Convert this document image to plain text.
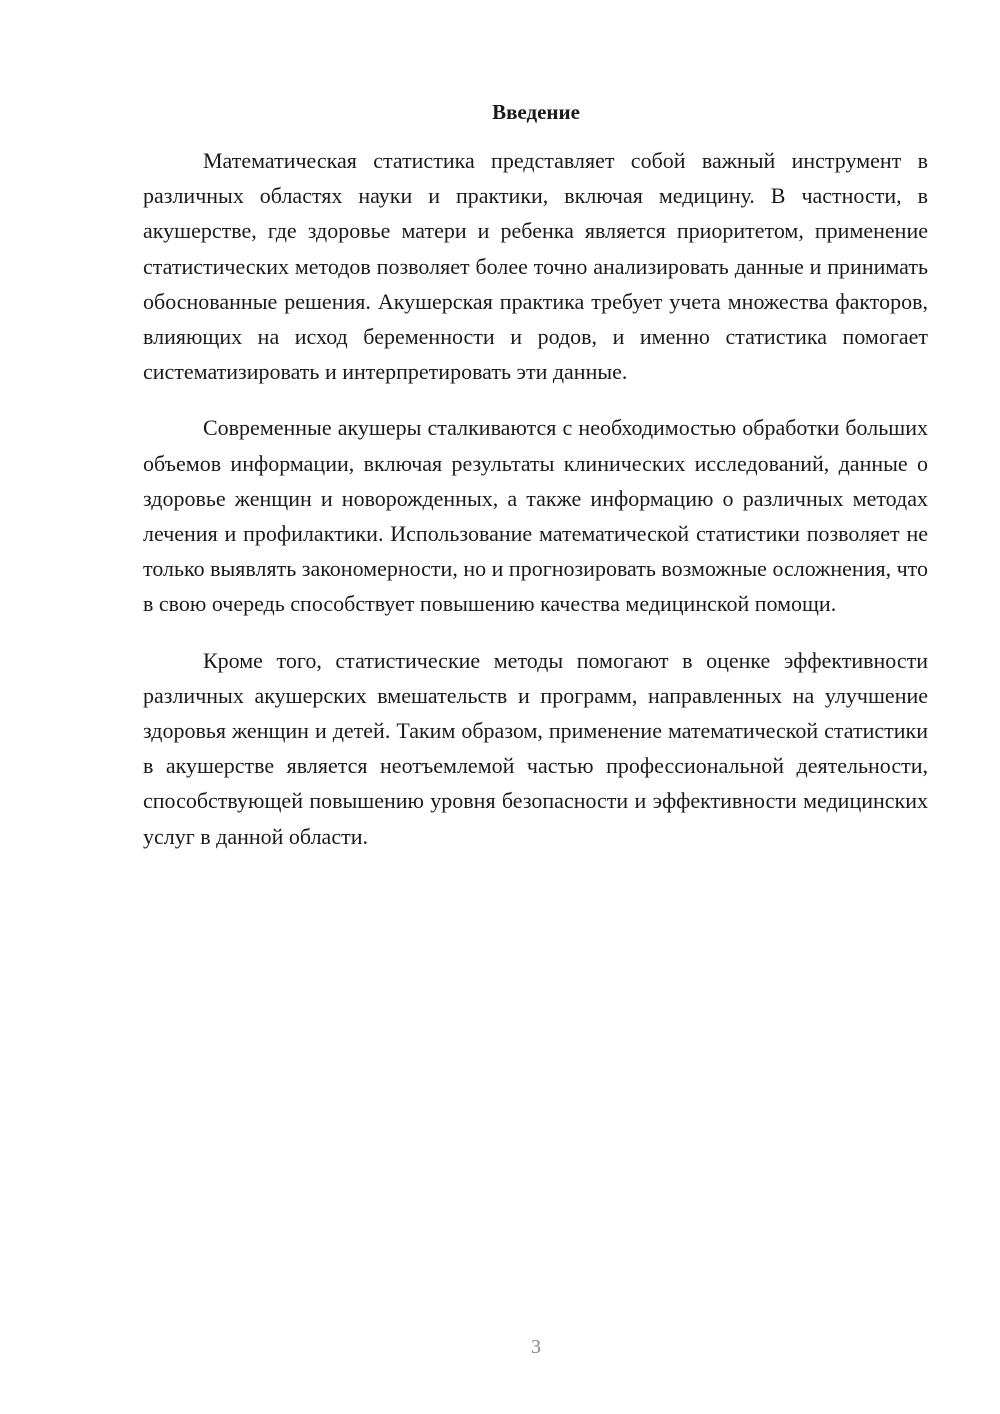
Введение

Математическая статистика представляет собой важный инструмент в различных областях науки и практики, включая медицину. В частности, в акушерстве, где здоровье матери и ребенка является приоритетом, применение статистических методов позволяет более точно анализировать данные и принимать обоснованные решения. Акушерская практика требует учета множества факторов, влияющих на исход беременности и родов, и именно статистика помогает систематизировать и интерпретировать эти данные.

Современные акушеры сталкиваются с необходимостью обработки больших объемов информации, включая результаты клинических исследований, данные о здоровье женщин и новорожденных, а также информацию о различных методах лечения и профилактики. Использование математической статистики позволяет не только выявлять закономерности, но и прогнозировать возможные осложнения, что в свою очередь способствует повышению качества медицинской помощи.

Кроме того, статистические методы помогают в оценке эффективности различных акушерских вмешательств и программ, направленных на улучшение здоровья женщин и детей. Таким образом, применение математической статистики в акушерстве является неотъемлемой частью профессиональной деятельности, способствующей повышению уровня безопасности и эффективности медицинских услуг в данной области.

3
